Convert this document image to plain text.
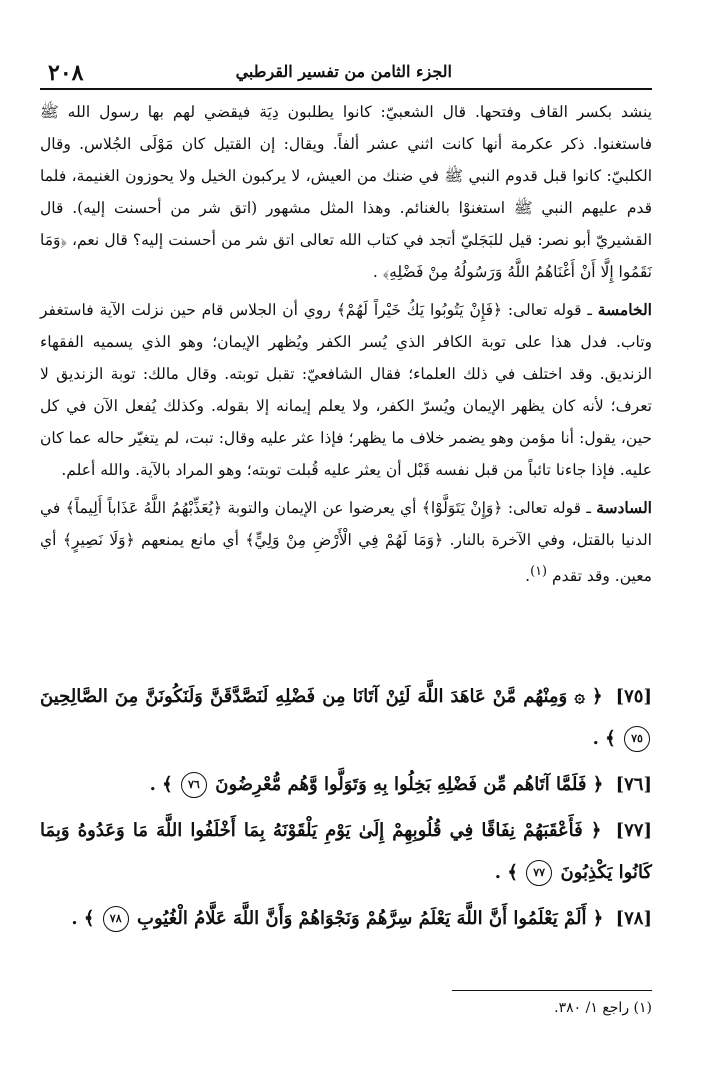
٢٠٨	الجزء الثامن من تفسير القرطبي

ينشد بكسر القاف وفتحها. قال الشعبيّ: كانوا يطلبون دِيَة فيقضي لهم بها رسول الله ﷺ فاستغنوا. ذكر عكرمة أنها كانت اثني عشر ألفاً. ويقال: إن القتيل كان مَوْلَى الجُلاس. وقال الكلبيّ: كانوا قبل قدوم النبي ﷺ في ضنك من العيش، لا يركبون الخيل ولا يحوزون الغنيمة، فلما قدم عليهم النبي ﷺ استغنوْا بالغنائم. وهذا المثل مشهور (اتق شر من أحسنت إليه). قال القشيريّ أبو نصر: قيل للبَجَليّ أتجد في كتاب الله تعالى اتق شر من أحسنت إليه؟ قال نعم، ﴿وَمَا نَقَمُوا إِلَّا أَنْ أَغْنَاهُمُ اللَّهُ وَرَسُولُهُ مِنْ فَضْلِهِ﴾ .

الخامسة ـ قوله تعالى: ﴿فَإِنْ يَتُوبُوا يَكُ خَيْراً لَهُمْ﴾ روي أن الجلاس قام حين نزلت الآية فاستغفر وتاب. فدل هذا على توبة الكافر الذي يُسر الكفر ويُظهر الإيمان؛ وهو الذي يسميه الفقهاء الزنديق. وقد اختلف في ذلك العلماء؛ فقال الشافعيّ: تقبل توبته. وقال مالك: توبة الزنديق لا تعرف؛ لأنه كان يظهر الإيمان ويُسرّ الكفر، ولا يعلم إيمانه إلا بقوله. وكذلك يُفعل الآن في كل حين، يقول: أنا مؤمن وهو يضمر خلاف ما يظهر؛ فإذا عثر عليه وقال: تبت، لم يتغيّر حاله عما كان عليه. فإذا جاءنا تائباً من قبل نفسه قَبْل أن يعثر عليه قُبلت توبته؛ وهو المراد بالآية. والله أعلم.

السادسة ـ قوله تعالى: ﴿وَإِنْ يَتَوَلَّوْا﴾ أي يعرضوا عن الإيمان والتوبة ﴿يُعَذِّبْهُمُ اللَّهُ عَذَاباً أَلِيماً﴾ في الدنيا بالقتل، وفي الآخرة بالنار. ﴿وَمَا لَهُمْ فِي الْأَرْضِ مِنْ وَلِيٍّ﴾ أي مانع يمنعهم ﴿وَلَا نَصِيرٍ﴾ أي معين. وقد تقدم $^{(١)}$.

[٧٥] ﴿ ۞ وَمِنْهُم مَّنْ عَاهَدَ اللَّهَ لَئِنْ آتَانَا مِن فَضْلِهِ لَنَصَّدَّقَنَّ وَلَنَكُونَنَّ مِنَ الصَّالِحِينَ ٧٥ ﴾ .

[٧٦] ﴿ فَلَمَّا آتَاهُم مِّن فَضْلِهِ بَخِلُوا بِهِ وَتَوَلَّوا وَّهُم مُّعْرِضُونَ ٧٦ ﴾ .

[٧٧] ﴿ فَأَعْقَبَهُمْ نِفَاقًا فِي قُلُوبِهِمْ إِلَىٰ يَوْمِ يَلْقَوْنَهُ بِمَا أَخْلَفُوا اللَّهَ مَا وَعَدُوهُ وَبِمَا كَانُوا يَكْذِبُونَ ٧٧ ﴾ .

[٧٨] ﴿ أَلَمْ يَعْلَمُوا أَنَّ اللَّهَ يَعْلَمُ سِرَّهُمْ وَنَجْوَاهُمْ وَأَنَّ اللَّهَ عَلَّامُ الْغُيُوبِ ٧٨ ﴾ .

(١) راجع ١/ ٣٨٠.
